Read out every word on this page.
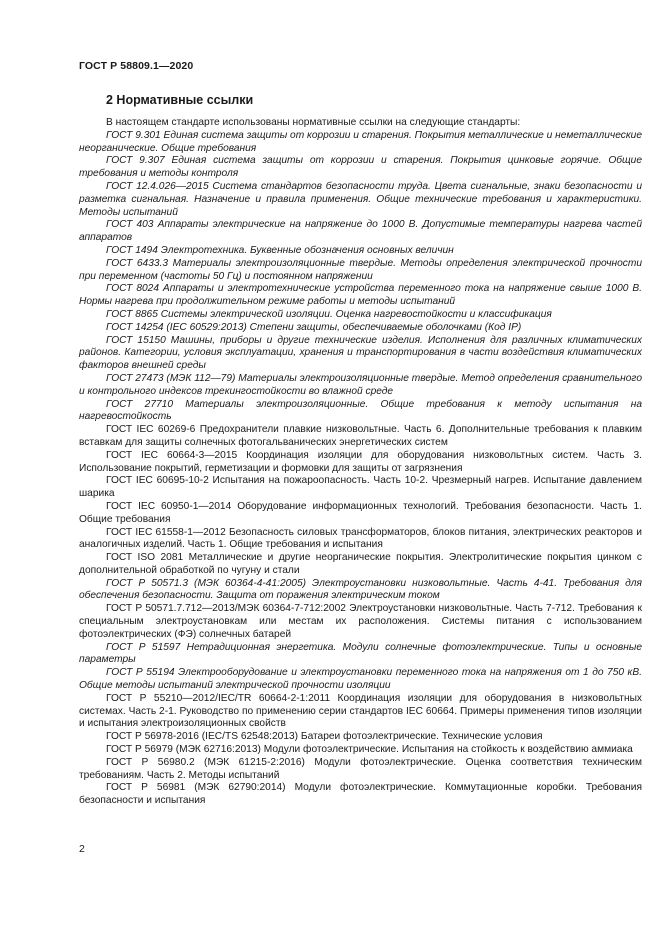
ГОСТ Р 58809.1—2020
2 Нормативные ссылки

В настоящем стандарте использованы нормативные ссылки на следующие стандарты:

ГОСТ 9.301 Единая система защиты от коррозии и старения. Покрытия металлические и неметаллические неорганические. Общие требования

ГОСТ 9.307 Единая система защиты от коррозии и старения. Покрытия цинковые горячие. Общие требования и методы контроля

ГОСТ 12.4.026—2015 Система стандартов безопасности труда. Цвета сигнальные, знаки безопасности и разметка сигнальная. Назначение и правила применения. Общие технические требования и характеристики. Методы испытаний

ГОСТ 403 Аппараты электрические на напряжение до 1000 В. Допустимые температуры нагрева частей аппаратов

ГОСТ 1494 Электротехника. Буквенные обозначения основных величин

ГОСТ 6433.3 Материалы электроизоляционные твердые. Методы определения электрической прочности при переменном (частоты 50 Гц) и постоянном напряжении

ГОСТ 8024 Аппараты и электротехнические устройства переменного тока на напряжение свыше 1000 В. Нормы нагрева при продолжительном режиме работы и методы испытаний

ГОСТ 8865 Системы электрической изоляции. Оценка нагревостойкости и классификация

ГОСТ 14254 (IEC 60529:2013) Степени защиты, обеспечиваемые оболочками (Код IP)

ГОСТ 15150 Машины, приборы и другие технические изделия. Исполнения для различных климатических районов. Категории, условия эксплуатации, хранения и транспортирования в части воздействия климатических факторов внешней среды

ГОСТ 27473 (МЭК 112—79) Материалы электроизоляционные твердые. Метод определения сравнительного и контрольного индексов трекингостойкости во влажной среде

ГОСТ 27710 Материалы электроизоляционные. Общие требования к методу испытания на нагревостойкость

ГОСТ IEC 60269-6 Предохранители плавкие низковольтные. Часть 6. Дополнительные требования к плавким вставкам для защиты солнечных фотогальванических энергетических систем

ГОСТ IEC 60664-3—2015 Координация изоляции для оборудования низковольтных систем. Часть 3. Использование покрытий, герметизации и формовки для защиты от загрязнения

ГОСТ IEC 60695-10-2 Испытания на пожароопасность. Часть 10-2. Чрезмерный нагрев. Испытание давлением шарика

ГОСТ IEC 60950-1—2014 Оборудование информационных технологий. Требования безопасности. Часть 1. Общие требования

ГОСТ IEC 61558-1—2012 Безопасность силовых трансформаторов, блоков питания, электрических реакторов и аналогичных изделий. Часть 1. Общие требования и испытания

ГОСТ ISO 2081 Металлические и другие неорганические покрытия. Электролитические покрытия цинком с дополнительной обработкой по чугуну и стали

ГОСТ Р 50571.3 (МЭК 60364-4-41:2005) Электроустановки низковольтные. Часть 4-41. Требования для обеспечения безопасности. Защита от поражения электрическим током

ГОСТ Р 50571.7.712—2013/МЭК 60364-7-712:2002 Электроустановки низковольтные. Часть 7-712. Требования к специальным электроустановкам или местам их расположения. Системы питания с использованием фотоэлектрических (ФЭ) солнечных батарей

ГОСТ Р 51597 Нетрадиционная энергетика. Модули солнечные фотоэлектрические. Типы и основные параметры

ГОСТ Р 55194 Электрооборудование и электроустановки переменного тока на напряжения от 1 до 750 кВ. Общие методы испытаний электрической прочности изоляции

ГОСТ Р 55210—2012/IEC/TR 60664-2-1:2011 Координация изоляции для оборудования в низковольтных системах. Часть 2-1. Руководство по применению серии стандартов IEC 60664. Примеры применения типов изоляции и испытания электроизоляционных свойств

ГОСТ Р 56978-2016 (IEC/TS 62548:2013) Батареи фотоэлектрические. Технические условия

ГОСТ Р 56979 (МЭК 62716:2013) Модули фотоэлектрические. Испытания на стойкость к воздействию аммиака

ГОСТ Р 56980.2 (МЭК 61215-2:2016) Модули фотоэлектрические. Оценка соответствия техническим требованиям. Часть 2. Методы испытаний

ГОСТ Р 56981 (МЭК 62790:2014) Модули фотоэлектрические. Коммутационные коробки. Требования безопасности и испытания

2
